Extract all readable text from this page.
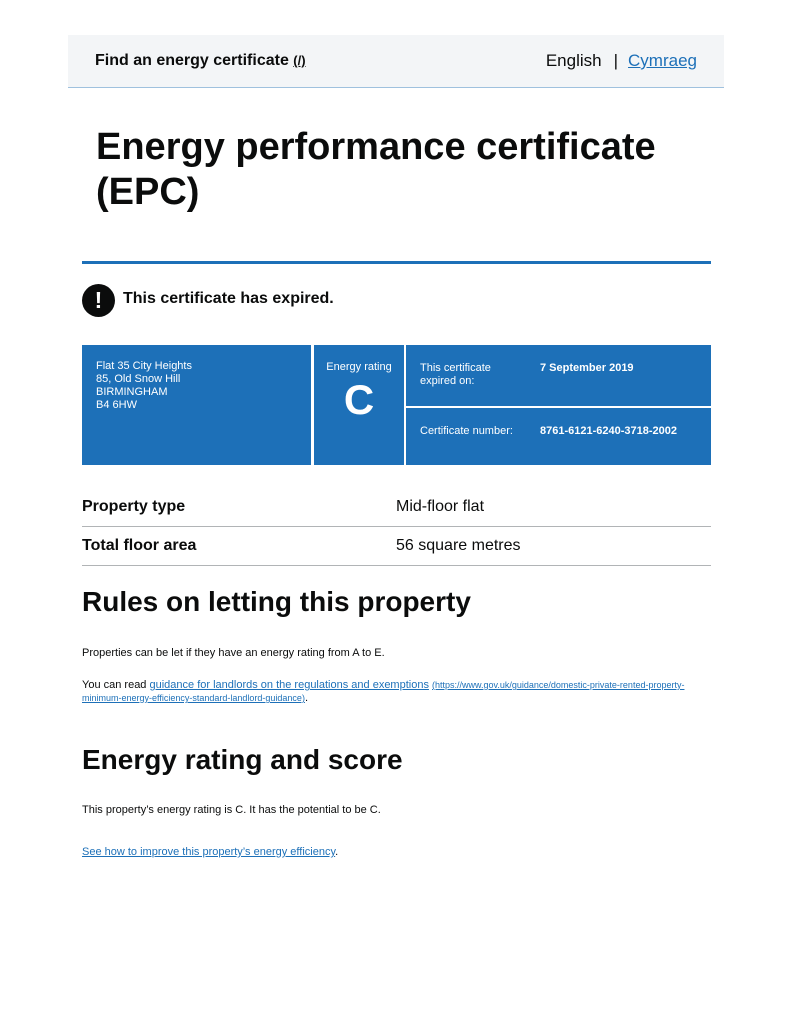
Find an energy certificate (/)	English | Cymraeg
Energy performance certificate (EPC)
!	This certificate has expired.
Flat 35 City Heights
85, Old Snow Hill
BIRMINGHAM
B4 6HW
Energy rating
C
This certificate expired on:
7 September 2019
Certificate number: 8761-6121-6240-3718-2002
Property type	Mid-floor flat
Total floor area	56 square metres
Rules on letting this property

Properties can be let if they have an energy rating from A to E.

You can read guidance for landlords on the regulations and exemptions (https://www.gov.uk/guidance/domestic-private-rented-property-minimum-energy-efficiency-standard-landlord-guidance).

Energy rating and score

This property’s energy rating is C. It has the potential to be C.

See how to improve this property’s energy efficiency.
